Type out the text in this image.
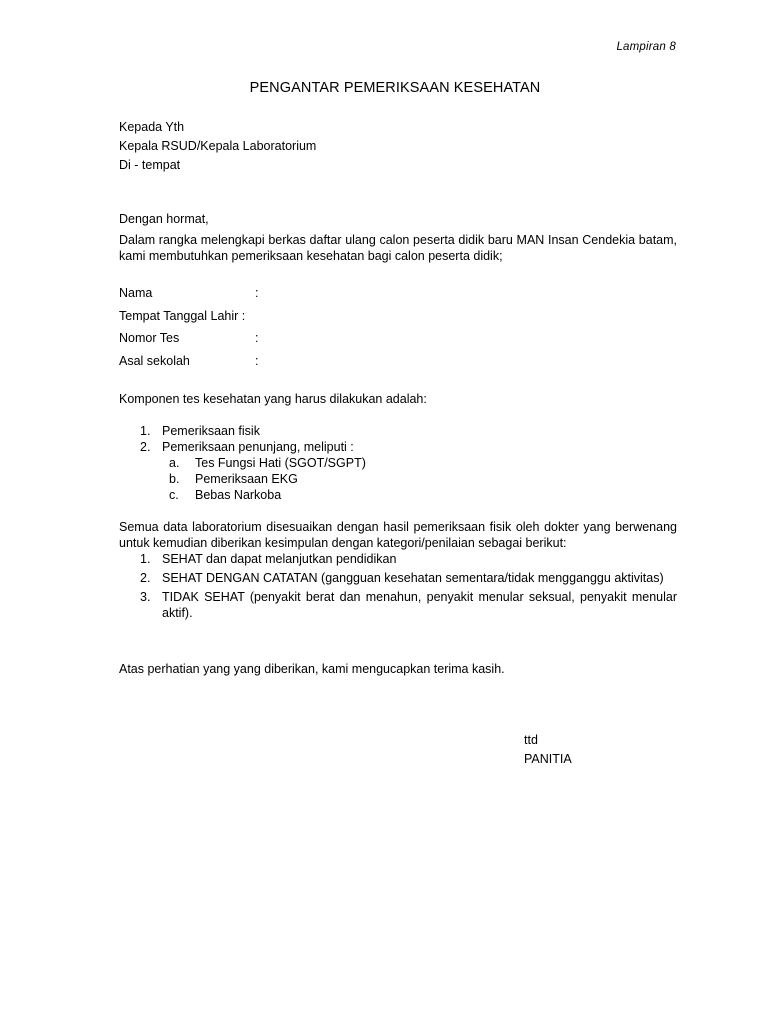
Lampiran 8
PENGANTAR PEMERIKSAAN KESEHATAN
Kepada Yth
Kepala RSUD/Kepala Laboratorium
Di - tempat
Dengan hormat,
Dalam rangka melengkapi berkas daftar ulang calon peserta didik baru MAN Insan Cendekia batam, kami membutuhkan pemeriksaan kesehatan bagi calon peserta didik;
Nama	:
Tempat Tanggal Lahir :
Nomor Tes	:
Asal sekolah	:
Komponen tes kesehatan yang harus dilakukan adalah:
1. Pemeriksaan fisik
2. Pemeriksaan penunjang, meliputi :
a.	Tes Fungsi Hati (SGOT/SGPT)
b.	Pemeriksaan EKG
c.	Bebas Narkoba
Semua data laboratorium disesuaikan dengan hasil pemeriksaan fisik oleh dokter yang berwenang untuk kemudian diberikan kesimpulan dengan kategori/penilaian sebagai berikut:
1. SEHAT dan dapat melanjutkan pendidikan
2. SEHAT DENGAN CATATAN (gangguan kesehatan sementara/tidak mengganggu aktivitas)
3. TIDAK SEHAT (penyakit berat dan menahun, penyakit menular seksual, penyakit menular aktif).
Atas perhatian yang yang diberikan, kami mengucapkan terima kasih.
ttd
PANITIA
